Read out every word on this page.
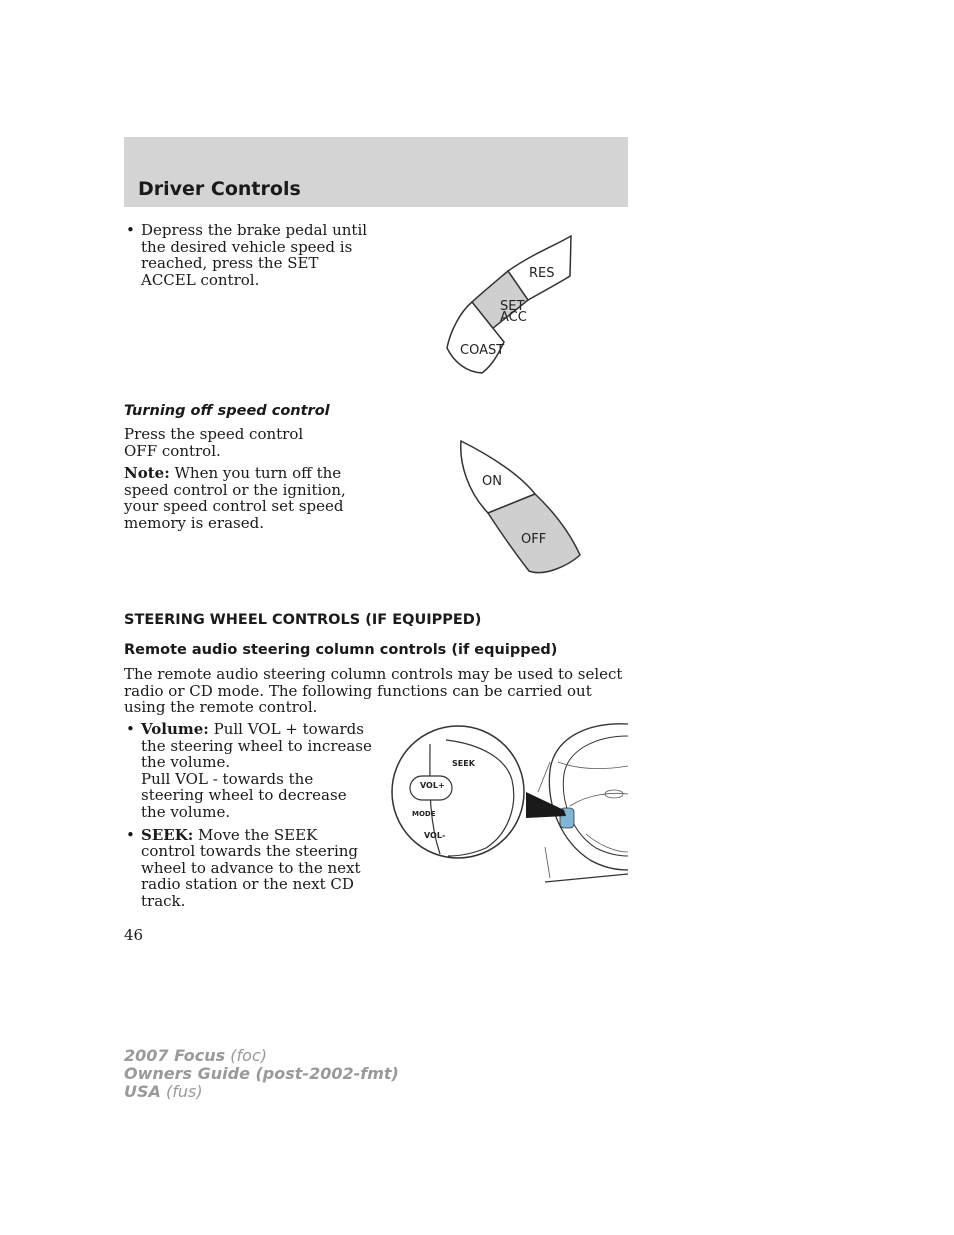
Driver Controls
• Depress the brake pedal until the desired vehicle speed is reached, press the SET ACCEL control.	RES
SET
ACC
COAST
Turning off speed control

Press the speed control OFF control.

Note: When you turn off the speed control or the ignition, your speed control set speed memory is erased.

ON
OFF
STEERING WHEEL CONTROLS (IF EQUIPPED)
Remote audio steering column controls (if equipped)

The remote audio steering column controls may be used to select radio or CD mode. The following functions can be carried out using the remote control.

• Volume: Pull VOL + towards the steering wheel to increase the volume.
Pull VOL - towards the steering wheel to decrease the volume.
• SEEK: Move the SEEK control towards the steering wheel to advance to the next radio station or the next CD track.
SEEK
VOL+
MODE
VOL-
46
2007 Focus (foc)
Owners Guide (post-2002-fmt)
USA (fus)
